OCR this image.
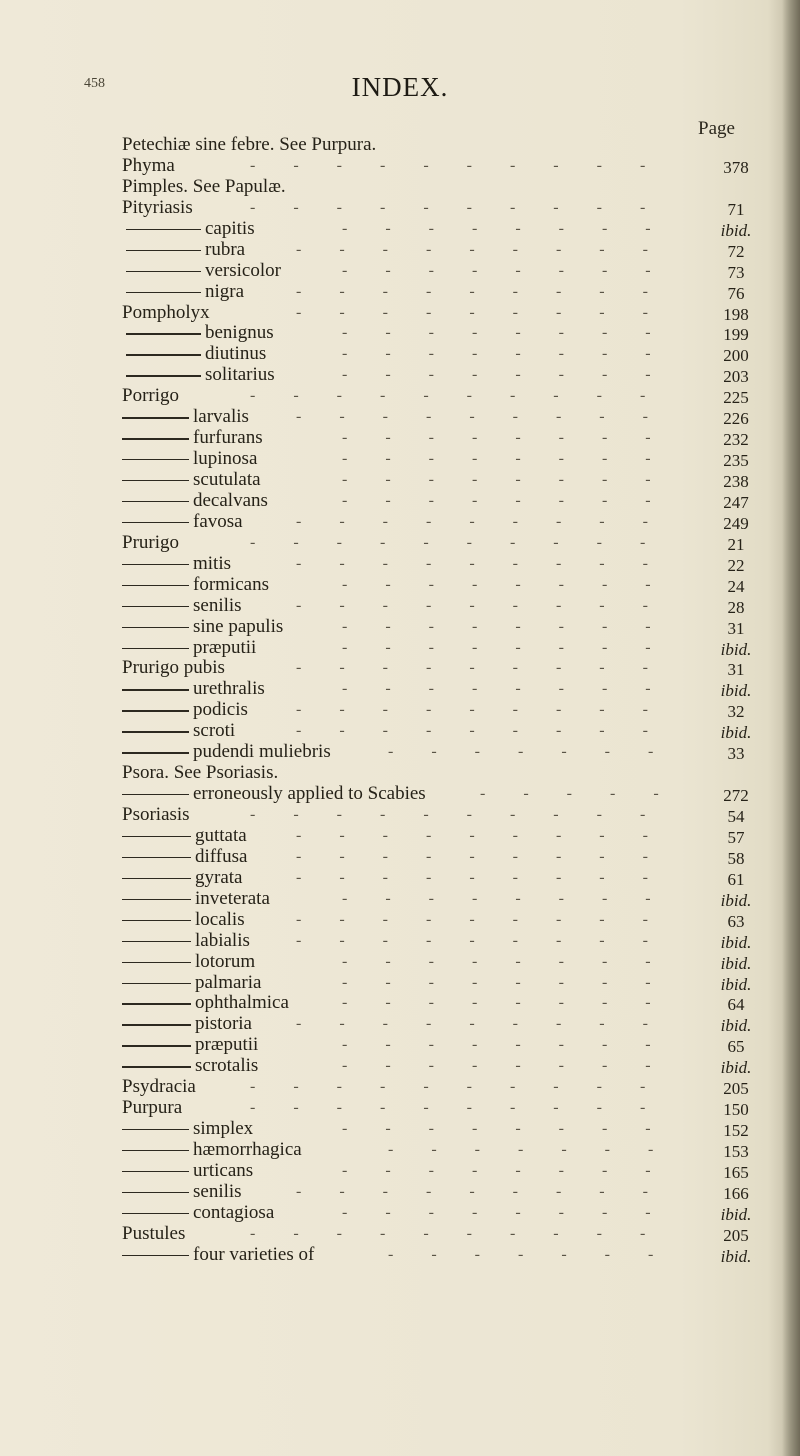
458	INDEX.
Page
Petechiæ sine febre. See Purpura.
Phyma	378
----------
Pimples. See Papulæ.
Pityriasis	71
----------
capitis	ibid.
--------
rubra	72
---------
versicolor	73
--------
nigra	76
---------
Pompholyx	198
---------
benignus	199
--------
diutinus	200
--------
solitarius	203
--------
Porrigo	225
----------
larvalis	226
---------
furfurans	232
--------
lupinosa	235
--------
scutulata	238
--------
decalvans	247
--------
favosa	249
---------
Prurigo	21
----------
mitis	22
---------
formicans	24
--------
senilis	28
---------
sine papulis	31
--------
præputii	ibid.
--------
Prurigo pubis	31
---------
urethralis	ibid.
--------
podicis	32
---------
scroti	ibid.
---------
pudendi muliebris	33
-------
Psora. See Psoriasis.
erroneously applied to Scabies	272
-----
Psoriasis	54
----------
guttata	57
---------
diffusa	58
---------
gyrata	61
---------
inveterata	ibid.
--------
localis	63
---------
labialis	ibid.
---------
lotorum	ibid.
--------
palmaria	ibid.
--------
ophthalmica	64
--------
pistoria	ibid.
---------
præputii	65
--------
scrotalis	ibid.
--------
Psydracia	205
----------
Purpura	150
----------
simplex	152
--------
hæmorrhagica	153
-------
urticans	165
--------
senilis	166
---------
contagiosa	ibid.
--------
Pustules	205
----------
four varieties of	ibid.
-------
